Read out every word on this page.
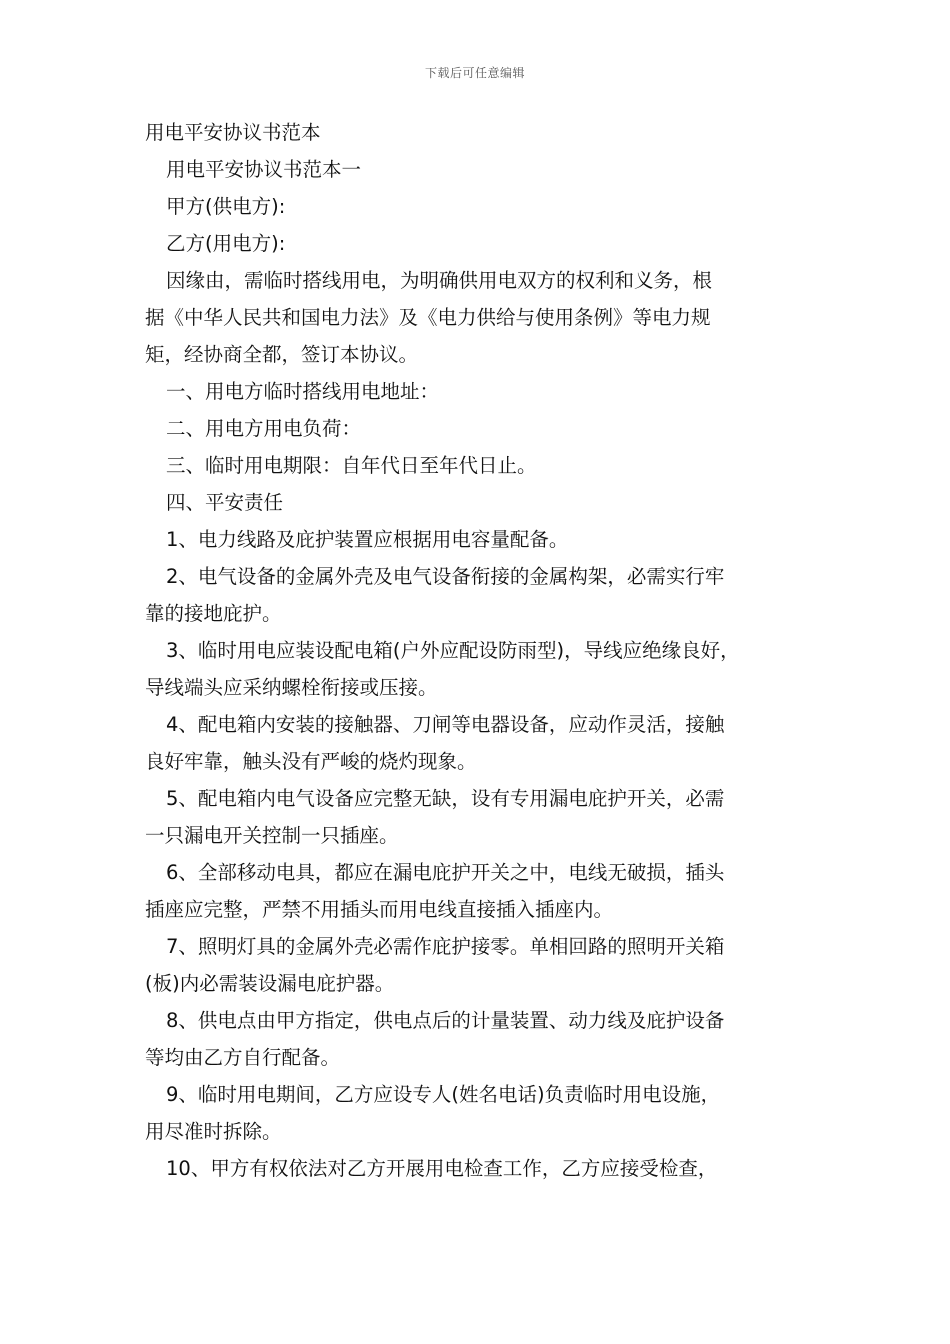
下载后可任意编辑
用电平安协议书范本
用电平安协议书范本一
甲方(供电方):
乙方(用电方):
因缘由，需临时搭线用电，为明确供用电双方的权利和义务，根
据《中华人民共和国电力法》及《电力供给与使用条例》等电力规
矩，经协商全都，签订本协议。
一、用电方临时搭线用电地址：
二、用电方用电负荷：
三、临时用电期限：自年代日至年代日止。
四、平安责任
1、电力线路及庇护装置应根据用电容量配备。
2、电气设备的金属外壳及电气设备衔接的金属构架，必需实行牢
靠的接地庇护。
3、临时用电应装设配电箱(户外应配设防雨型)，导线应绝缘良好，
导线端头应采纳螺栓衔接或压接。
4、配电箱内安装的接触器、刀闸等电器设备，应动作灵活，接触
良好牢靠，触头没有严峻的烧灼现象。
5、配电箱内电气设备应完整无缺，设有专用漏电庇护开关，必需
一只漏电开关控制一只插座。
6、全部移动电具，都应在漏电庇护开关之中，电线无破损，插头
插座应完整，严禁不用插头而用电线直接插入插座内。
7、照明灯具的金属外壳必需作庇护接零。单相回路的照明开关箱
(板)内必需装设漏电庇护器。
8、供电点由甲方指定，供电点后的计量装置、动力线及庇护设备
等均由乙方自行配备。
9、临时用电期间，乙方应设专人(姓名电话)负责临时用电设施，
用尽准时拆除。
10、甲方有权依法对乙方开展用电检查工作，乙方应接受检查，
